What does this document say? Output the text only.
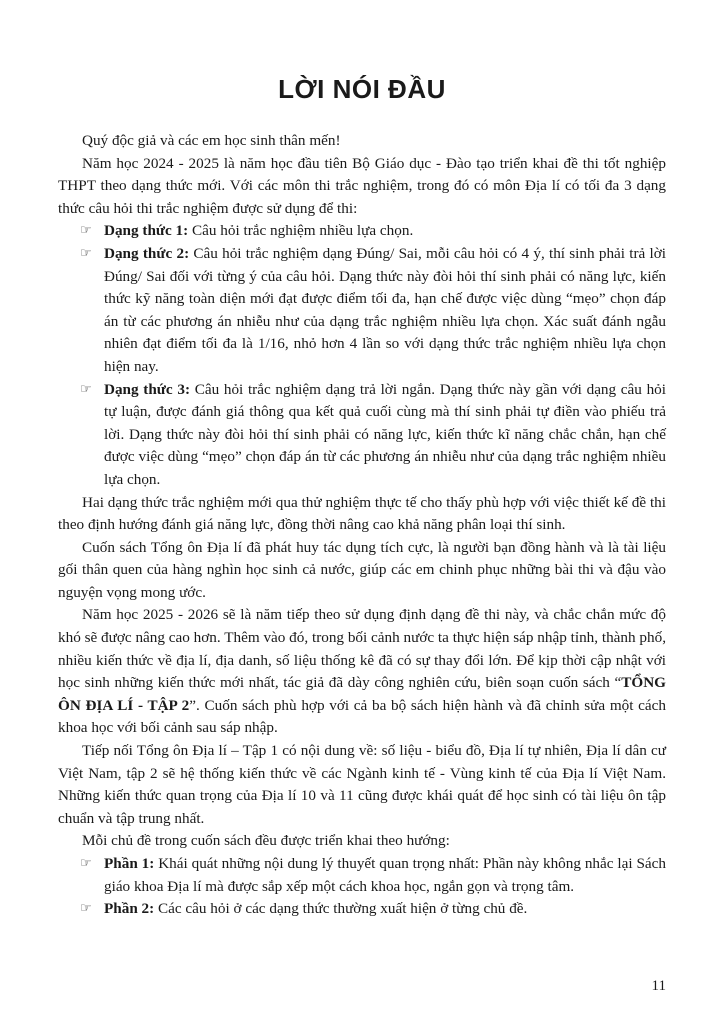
LỜI NÓI ĐẦU

Quý độc giả và các em học sinh thân mến!

Năm học 2024 - 2025 là năm học đầu tiên Bộ Giáo dục - Đào tạo triển khai đề thi tốt nghiệp THPT theo dạng thức mới. Với các môn thi trắc nghiệm, trong đó có môn Địa lí có tối đa 3 dạng thức câu hỏi thi trắc nghiệm được sử dụng để thi:

☞ Dạng thức 1: Câu hỏi trắc nghiệm nhiều lựa chọn.

☞ Dạng thức 2: Câu hỏi trắc nghiệm dạng Đúng/ Sai, mỗi câu hỏi có 4 ý, thí sinh phải trả lời Đúng/ Sai đối với từng ý của câu hỏi. Dạng thức này đòi hỏi thí sinh phải có năng lực, kiến thức kỹ năng toàn diện mới đạt được điểm tối đa, hạn chế được việc dùng “mẹo” chọn đáp án từ các phương án nhiễu như của dạng trắc nghiệm nhiều lựa chọn. Xác suất đánh ngẫu nhiên đạt điểm tối đa là 1/16, nhỏ hơn 4 lần so với dạng thức trắc nghiệm nhiều lựa chọn hiện nay.

☞ Dạng thức 3: Câu hỏi trắc nghiệm dạng trả lời ngắn. Dạng thức này gần với dạng câu hỏi tự luận, được đánh giá thông qua kết quả cuối cùng mà thí sinh phải tự điền vào phiếu trả lời. Dạng thức này đòi hỏi thí sinh phải có năng lực, kiến thức kĩ năng chắc chắn, hạn chế được việc dùng “mẹo” chọn đáp án từ các phương án nhiễu như của dạng trắc nghiệm nhiều lựa chọn.

Hai dạng thức trắc nghiệm mới qua thử nghiệm thực tế cho thấy phù hợp với việc thiết kế đề thi theo định hướng đánh giá năng lực, đồng thời nâng cao khả năng phân loại thí sinh.

Cuốn sách Tổng ôn Địa lí đã phát huy tác dụng tích cực, là người bạn đồng hành và là tài liệu gối thân quen của hàng nghìn học sinh cả nước, giúp các em chinh phục những bài thi và đậu vào nguyện vọng mong ước.

Năm học 2025 - 2026 sẽ là năm tiếp theo sử dụng định dạng đề thi này, và chắc chắn mức độ khó sẽ được nâng cao hơn. Thêm vào đó, trong bối cảnh nước ta thực hiện sáp nhập tỉnh, thành phố, nhiều kiến thức về địa lí, địa danh, số liệu thống kê đã có sự thay đổi lớn. Để kịp thời cập nhật với học sinh những kiến thức mới nhất, tác giả đã dày công nghiên cứu, biên soạn cuốn sách “TỔNG ÔN ĐỊA LÍ - TẬP 2”. Cuốn sách phù hợp với cả ba bộ sách hiện hành và đã chỉnh sửa một cách khoa học với bối cảnh sau sáp nhập.

Tiếp nối Tổng ôn Địa lí – Tập 1 có nội dung về: số liệu - biểu đồ, Địa lí tự nhiên, Địa lí dân cư Việt Nam, tập 2 sẽ hệ thống kiến thức về các Ngành kinh tế - Vùng kinh tế của Địa lí Việt Nam. Những kiến thức quan trọng của Địa lí 10 và 11 cũng được khái quát để học sinh có tài liệu ôn tập chuẩn và tập trung nhất.

Mỗi chủ đề trong cuốn sách đều được triển khai theo hướng:

☞ Phần 1: Khái quát những nội dung lý thuyết quan trọng nhất: Phần này không nhắc lại Sách giáo khoa Địa lí mà được sắp xếp một cách khoa học, ngắn gọn và trọng tâm.

☞ Phần 2: Các câu hỏi ở các dạng thức thường xuất hiện ở từng chủ đề.

11
